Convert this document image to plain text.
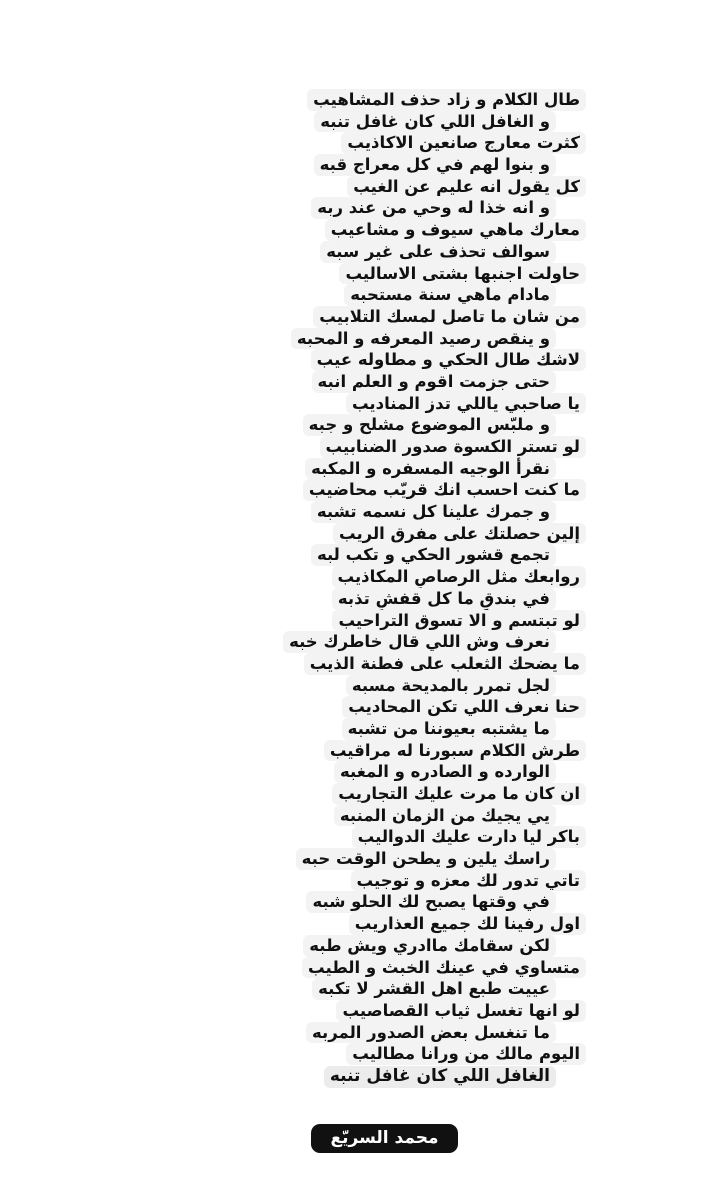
طال الكلام و زاد حذف المشاهيب
و الغافل اللي كان غافل تنبه
كثرت معارج صانعين الاكاذيب
و بنوا لهم في كل معراج قبه
كل يقول انه عليمٍ عن الغيب
و انه خذا له وحي من عند ربه
معارك ماهي سيوف و مشاعيب
سوالف تحذف على غير سبه
حاولت اجنبها بشتى الاساليب
مادام ماهي سنة مستحبه
من شان ما تاصل لمسك التلابيب
و ينقص رصيد المعرفه و المحبه
لاشك طال الحكي و مطاوله عيب
حتى جزمت اقوم و العلم انبه
يا صاحبي ياللي تدز المناديب
و ملبّس الموضوع مشلح و جبه
لو تستر الكسوة صدور الضنابيب
نقرأ الوجيه المسفره و المكبه
ما كنت احسب انك قريّب محاضيب
و جمرك علينا كل نسمه تشبه
إلين حصلتك على مفرق الريب
تجمع قشور الحكي و تكب لبه
روابعك مثل الرصاصٍ المكاذيب
في بندقٍ ما كل قفشٍ تذبه
لو تبتسم و الا تسوق التراحيب
نعرف وش اللي قال خاطرك خبه
ما يضحك الثعلب على فطنة الذيب
لجل تمرر بالمديحة مسبه
حنا نعرف اللي تكن المحاديب
ما يشتبه بعيوننا من تشبه
طرش الكلام سبورنا له مراقيب
الوارده و الصادره و المغبه
ان كان ما مرت عليك التجاريب
يي يجيك من الزمان المنبه
باكر ليا دارت عليك الدواليب
راسك يلين و يطحن الوقت حبه
تاتي تدور لك معزه و توجيب
في وقتها يصبح لك الحلو شبه
اول رفينا لك جميع العذاريب
لكن سقامك ماادري ويش طبه
متساوي في عينك الخبث و الطيب
عييت طبع اهل القشر لا تكبه
لو انها تغسل ثياب القصاصيب
ما تنغسل بعض الصدور المربه
اليوم مالك من ورانا مطاليب
الغافل اللي كان غافل تنبه
محمد السريّع
